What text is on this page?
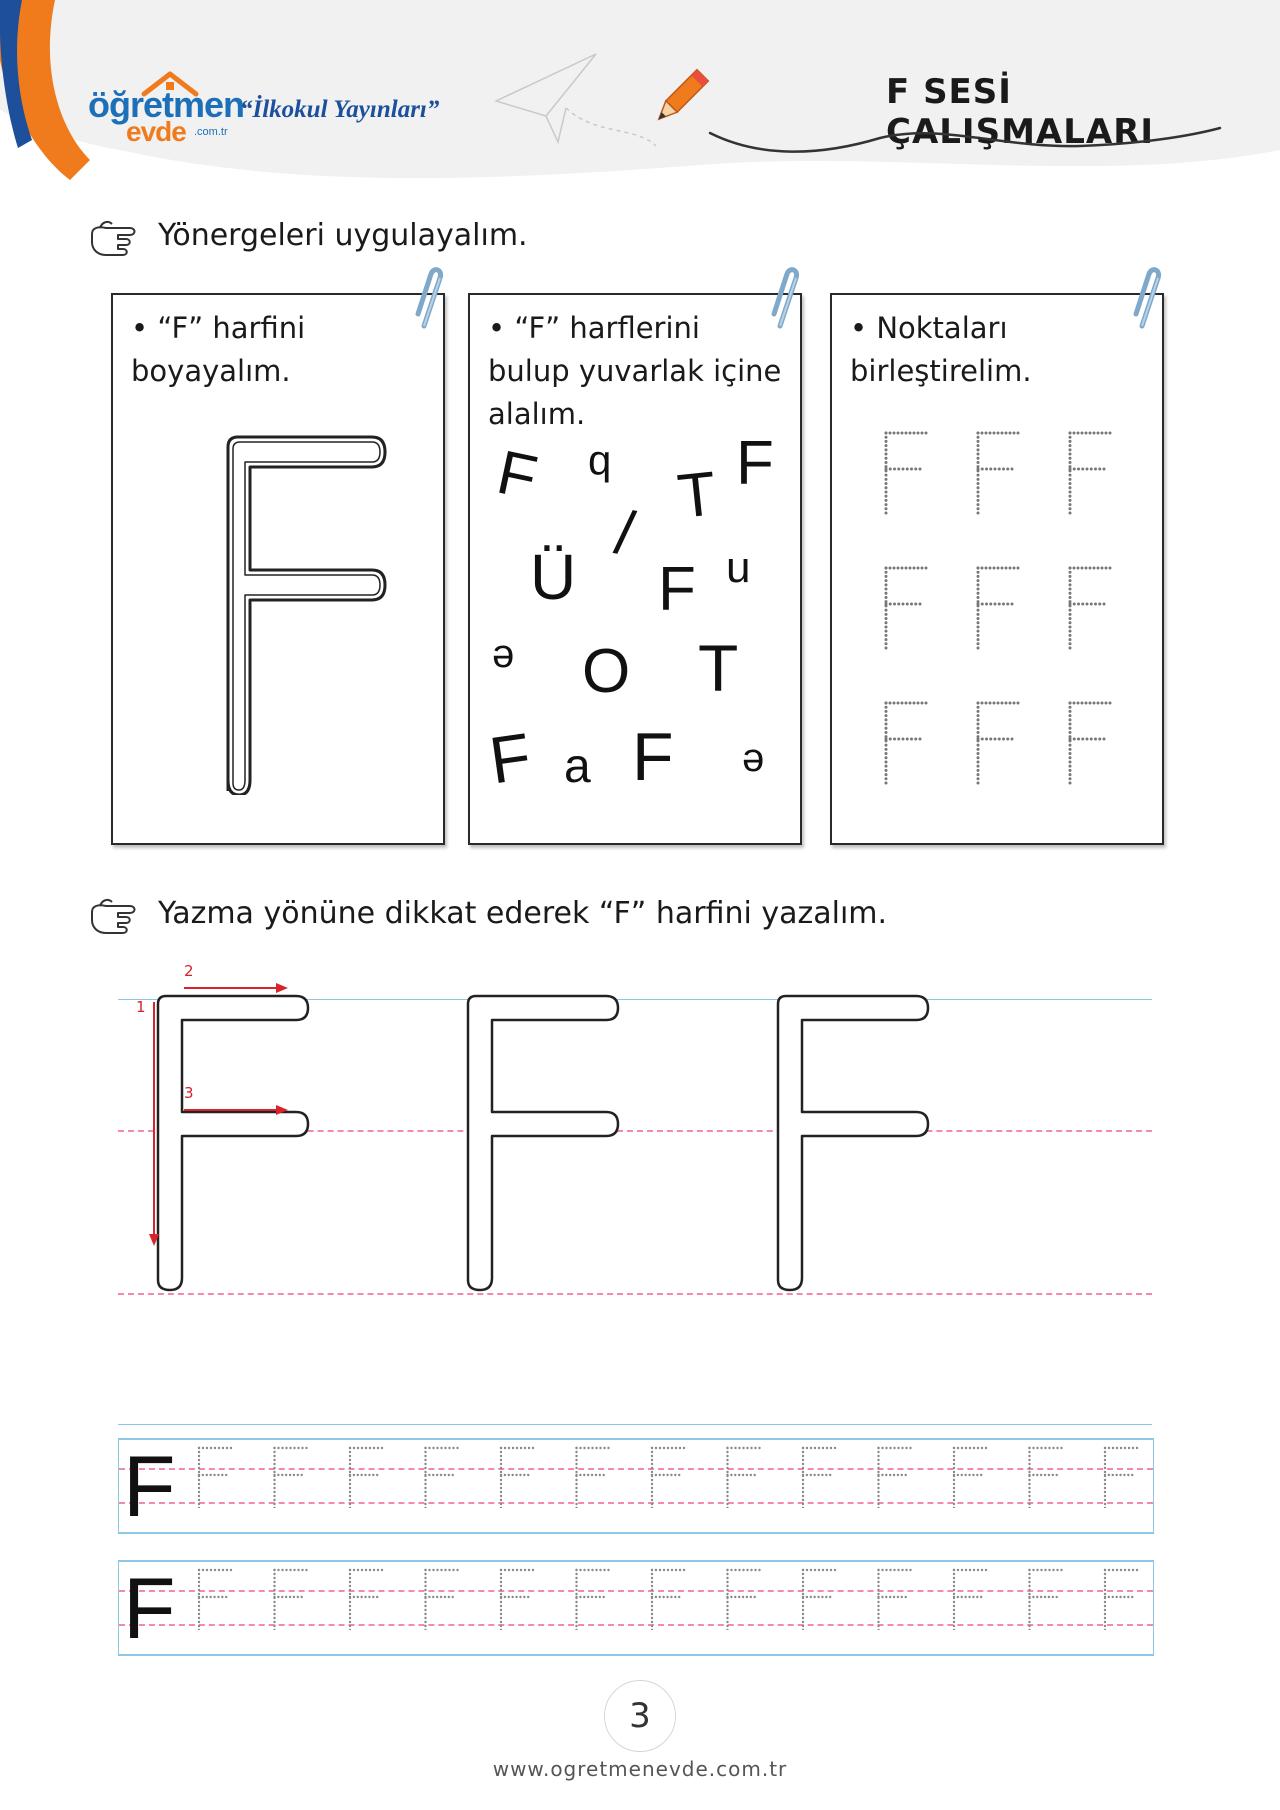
öğretmen
evde .com.tr
“İlkokul Yayınları”	F SESİ ÇALIŞMALARI
Yönergeleri uygulayalım.
• “F” harfini
boyayalım.
• “F” harflerini
bulup yuvarlak içine
alalım.
F b T F
/
Ü F n
e O T
F a F e
• Noktaları
birleştirelim.
Yazma yönüne dikkat ederek “F” harfini yazalım.
1
2
3
F
F
3
www.ogretmenevde.com.tr
